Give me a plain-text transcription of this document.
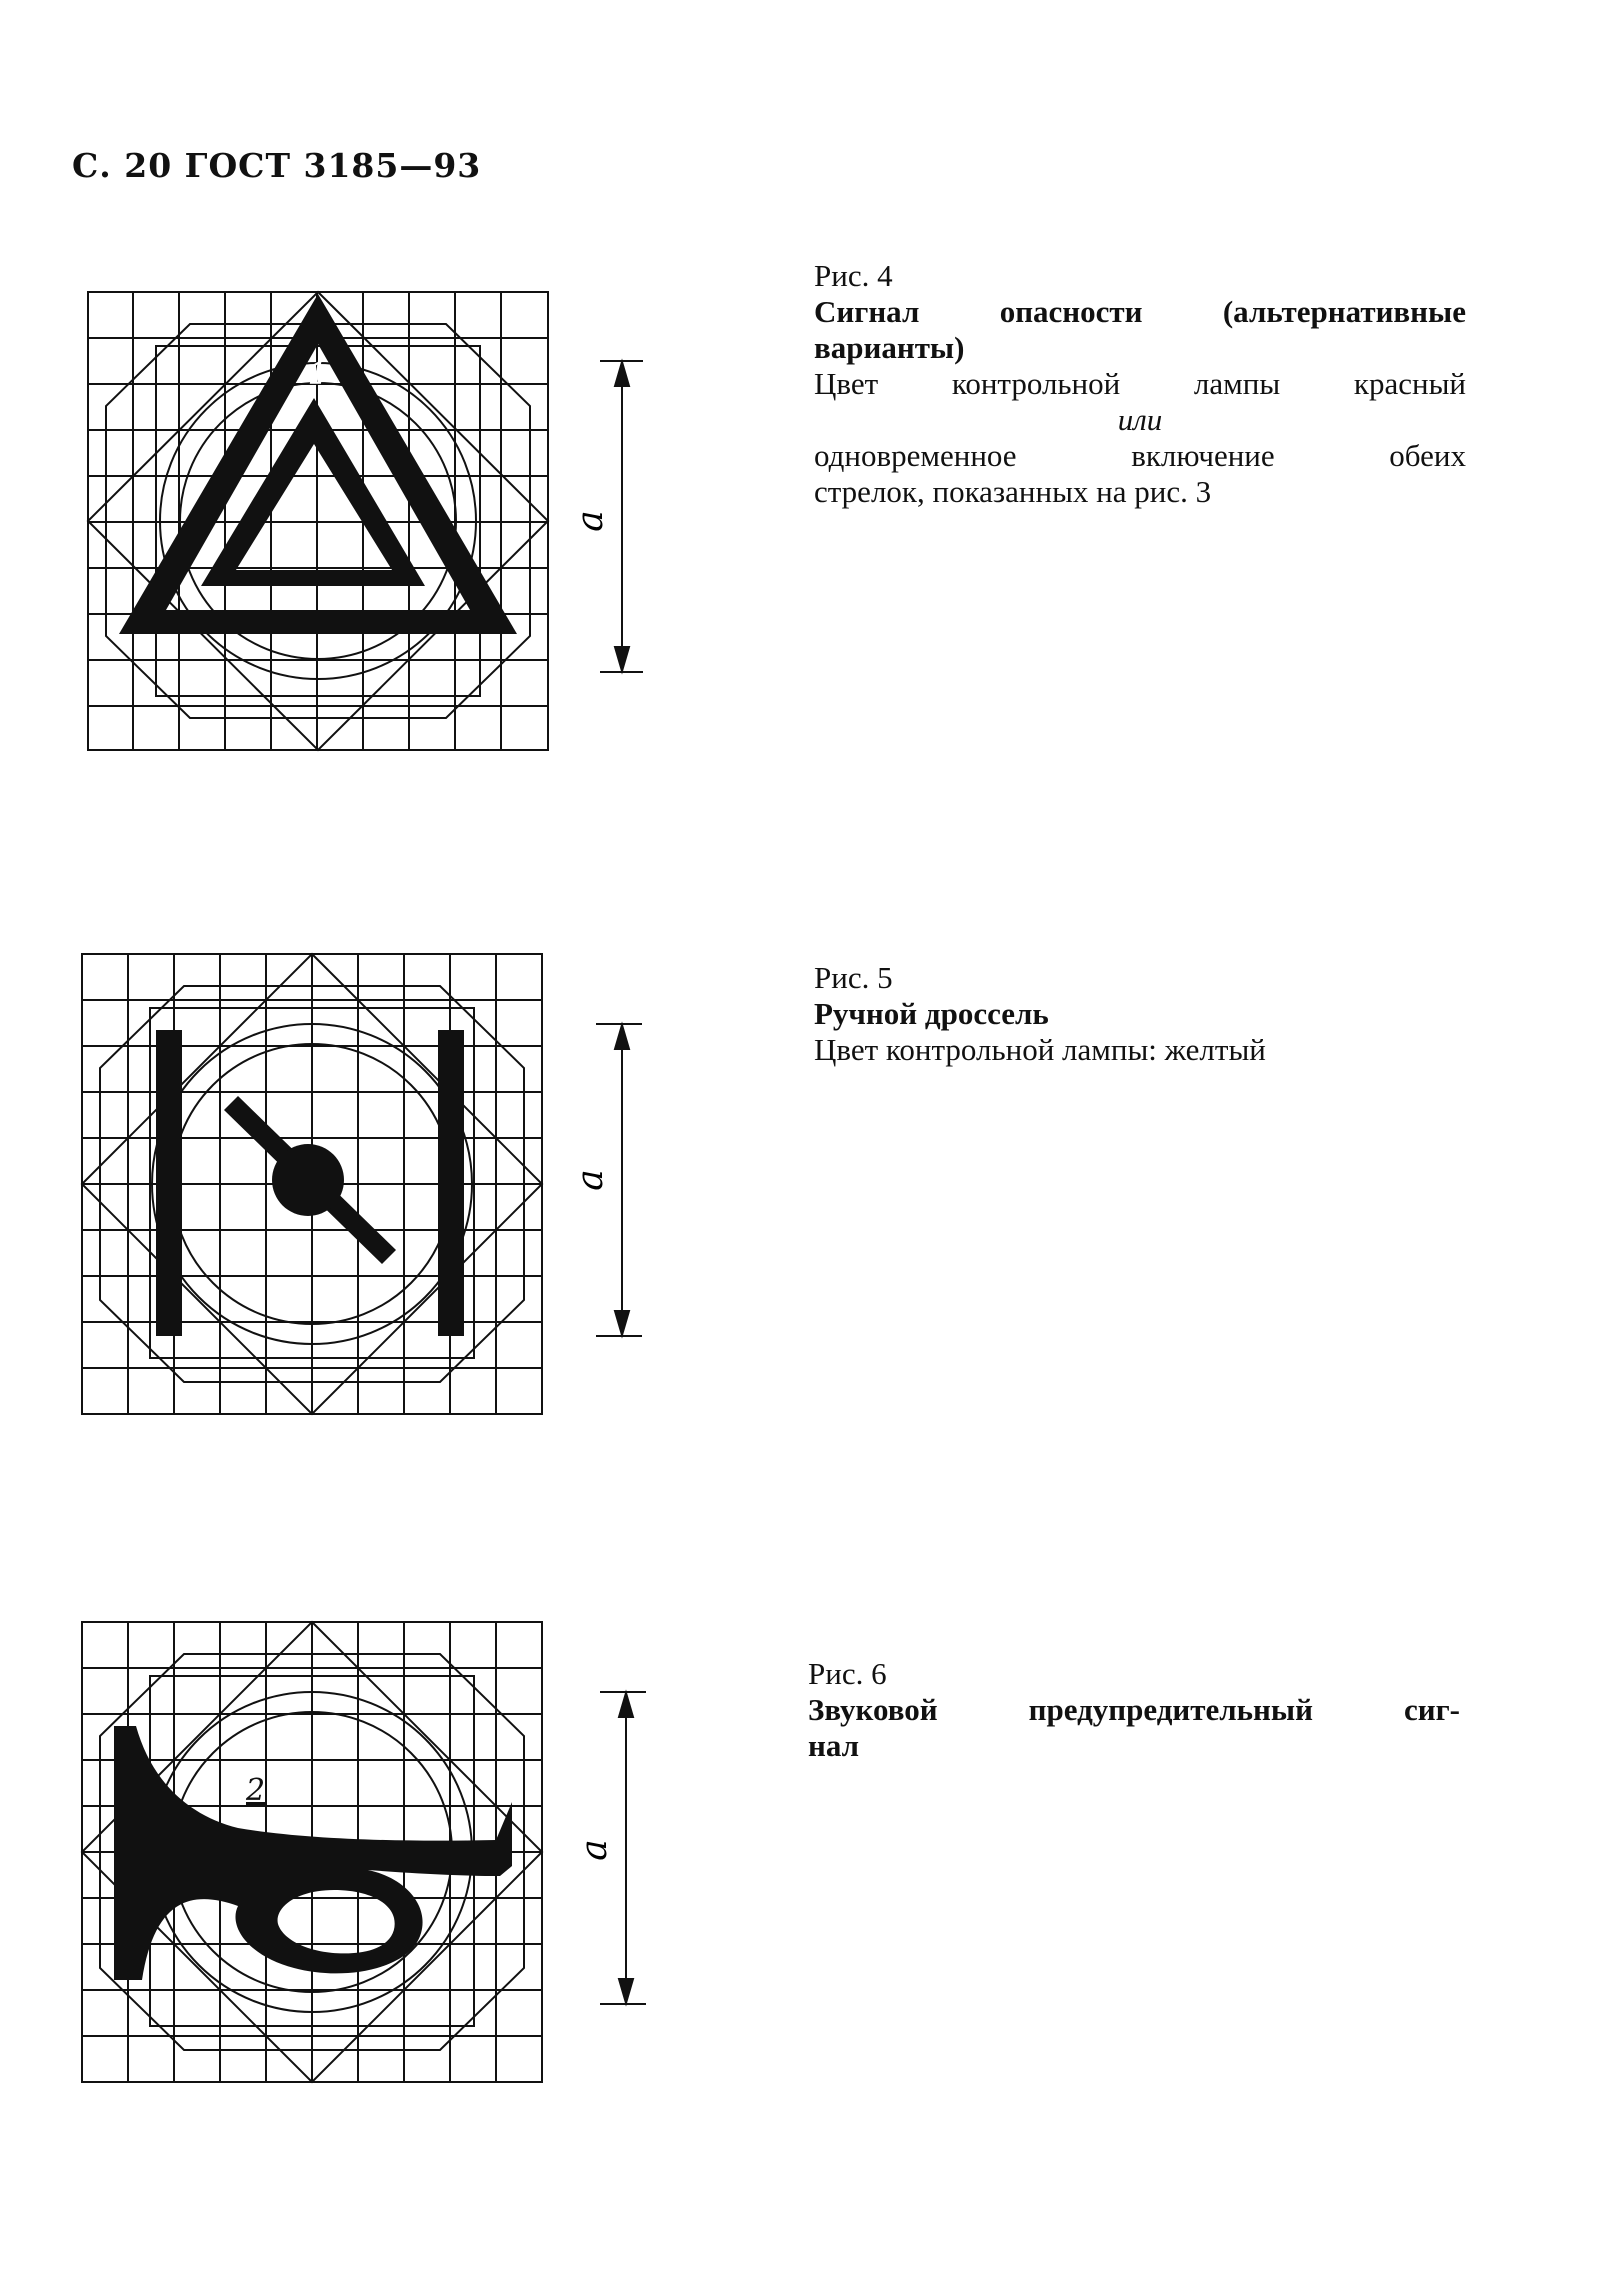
С. 20 ГОСТ 3185—93
a
1
Рис. 4
Сигнал опасности (альтернативные
варианты)
Цвет контрольной лампы красный
или
одновременное включение обеих
стрелок, показанных на рис. 3
a
Рис. 5
Ручной дроссель
Цвет контрольной лампы: желтый
a
2
Рис. 6
Звуковой предупредительный сиг-
нал
